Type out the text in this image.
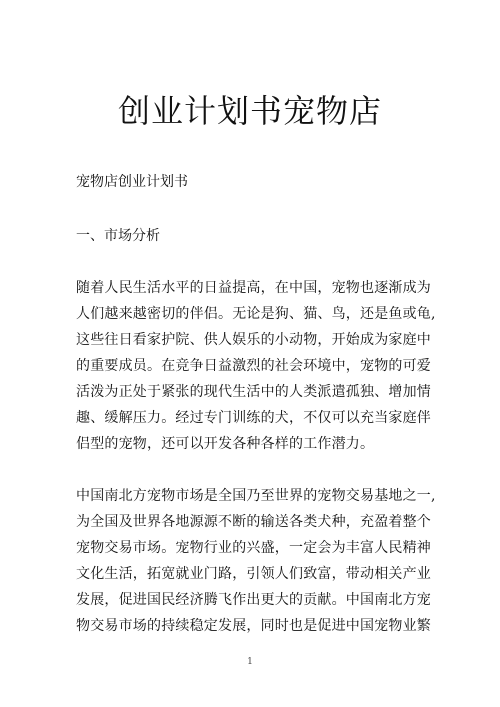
创业计划书宠物店
宠物店创业计划书
一、市场分析
随着人民生活水平的日益提高，在中国，宠物也逐渐成为
人们越来越密切的伴侣。无论是狗、猫、鸟，还是鱼或龟,
这些往日看家护院、供人娱乐的小动物，开始成为家庭中
的重要成员。在竞争日益激烈的社会环境中，宠物的可爱
活泼为正处于紧张的现代生活中的人类派遣孤独、增加情
趣、缓解压力。经过专门训练的犬，不仅可以充当家庭伴
侣型的宠物，还可以开发各种各样的工作潜力。
中国南北方宠物市场是全国乃至世界的宠物交易基地之一,
为全国及世界各地源源不断的输送各类犬种，充盈着整个
宠物交易市场。宠物行业的兴盛，一定会为丰富人民精神
文化生活，拓宽就业门路，引领人们致富，带动相关产业
发展，促进国民经济腾飞作出更大的贡献。中国南北方宠
物交易市场的持续稳定发展，同时也是促进中国宠物业繁
1
